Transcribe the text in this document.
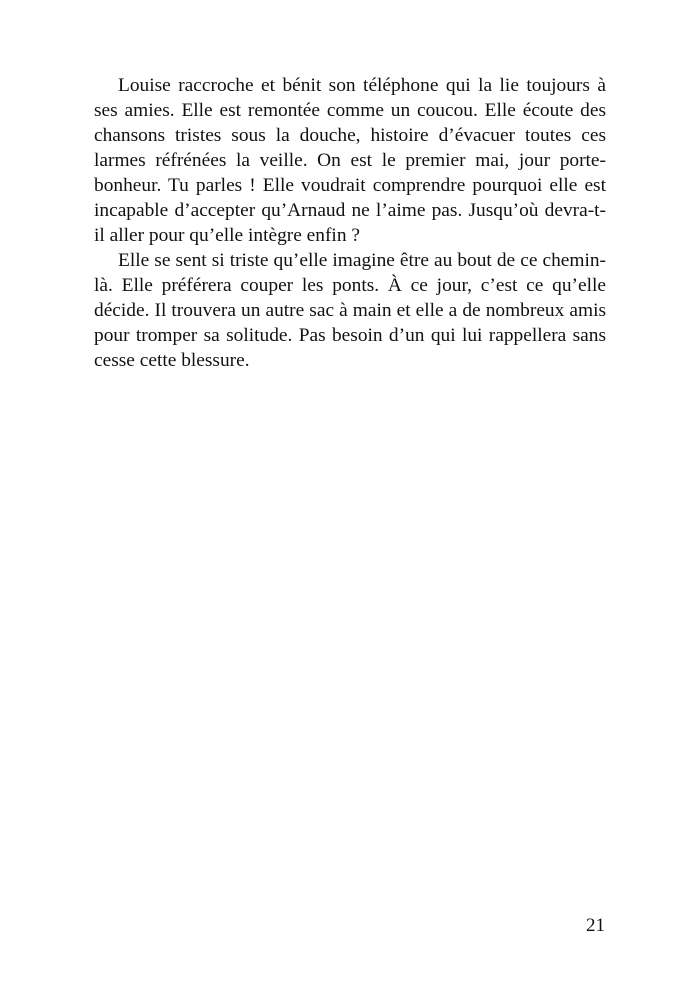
Louise raccroche et bénit son téléphone qui la lie toujours à ses amies. Elle est remontée comme un coucou. Elle écoute des chansons tristes sous la douche, histoire d’évacuer toutes ces larmes réfrénées la veille. On est le premier mai, jour porte-bonheur. Tu parles ! Elle voudrait comprendre pourquoi elle est incapable d’accepter qu’Arnaud ne l’aime pas. Jusqu’où devra-t-il aller pour qu’elle intègre enfin ?

Elle se sent si triste qu’elle imagine être au bout de ce chemin-là. Elle préférera couper les ponts. À ce jour, c’est ce qu’elle décide. Il trouvera un autre sac à main et elle a de nombreux amis pour tromper sa solitude. Pas besoin d’un qui lui rappellera sans cesse cette blessure.

21
